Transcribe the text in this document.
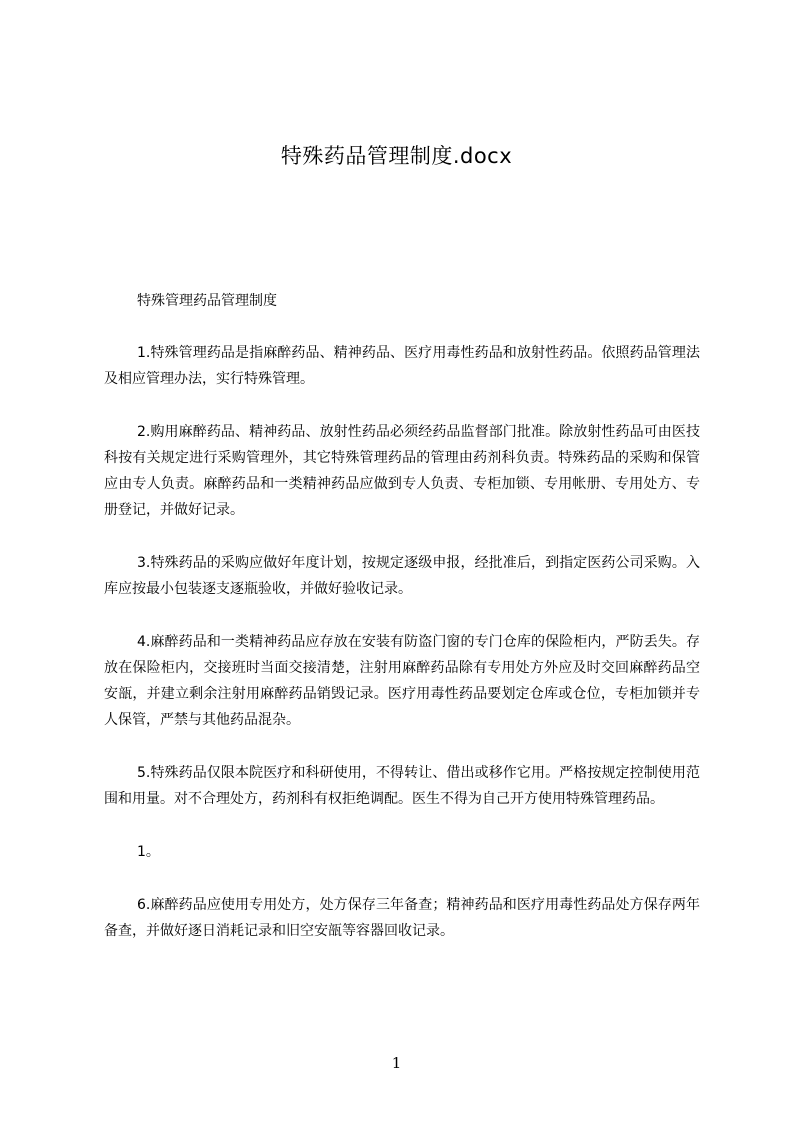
特殊药品管理制度.docx

特殊管理药品管理制度

1.特殊管理药品是指麻醉药品、精神药品、医疗用毒性药品和放射性药品。依照药品管理法及相应管理办法，实行特殊管理。

2.购用麻醉药品、精神药品、放射性药品必须经药品监督部门批准。除放射性药品可由医技科按有关规定进行采购管理外，其它特殊管理药品的管理由药剂科负责。特殊药品的采购和保管应由专人负责。麻醉药品和一类精神药品应做到专人负责、专柜加锁、专用帐册、专用处方、专册登记，并做好记录。

3.特殊药品的采购应做好年度计划，按规定逐级申报，经批准后，到指定医药公司采购。入库应按最小包装逐支逐瓶验收，并做好验收记录。

4.麻醉药品和一类精神药品应存放在安装有防盗门窗的专门仓库的保险柜内，严防丢失。存放在保险柜内，交接班时当面交接清楚，注射用麻醉药品除有专用处方外应及时交回麻醉药品空安瓿，并建立剩余注射用麻醉药品销毁记录。医疗用毒性药品要划定仓库或仓位，专柜加锁并专人保管，严禁与其他药品混杂。

5.特殊药品仅限本院医疗和科研使用，不得转让、借出或移作它用。严格按规定控制使用范围和用量。对不合理处方，药剂科有权拒绝调配。医生不得为自己开方使用特殊管理药品。

1。

6.麻醉药品应使用专用处方，处方保存三年备查；精神药品和医疗用毒性药品处方保存两年备查，并做好逐日消耗记录和旧空安瓿等容器回收记录。

1
